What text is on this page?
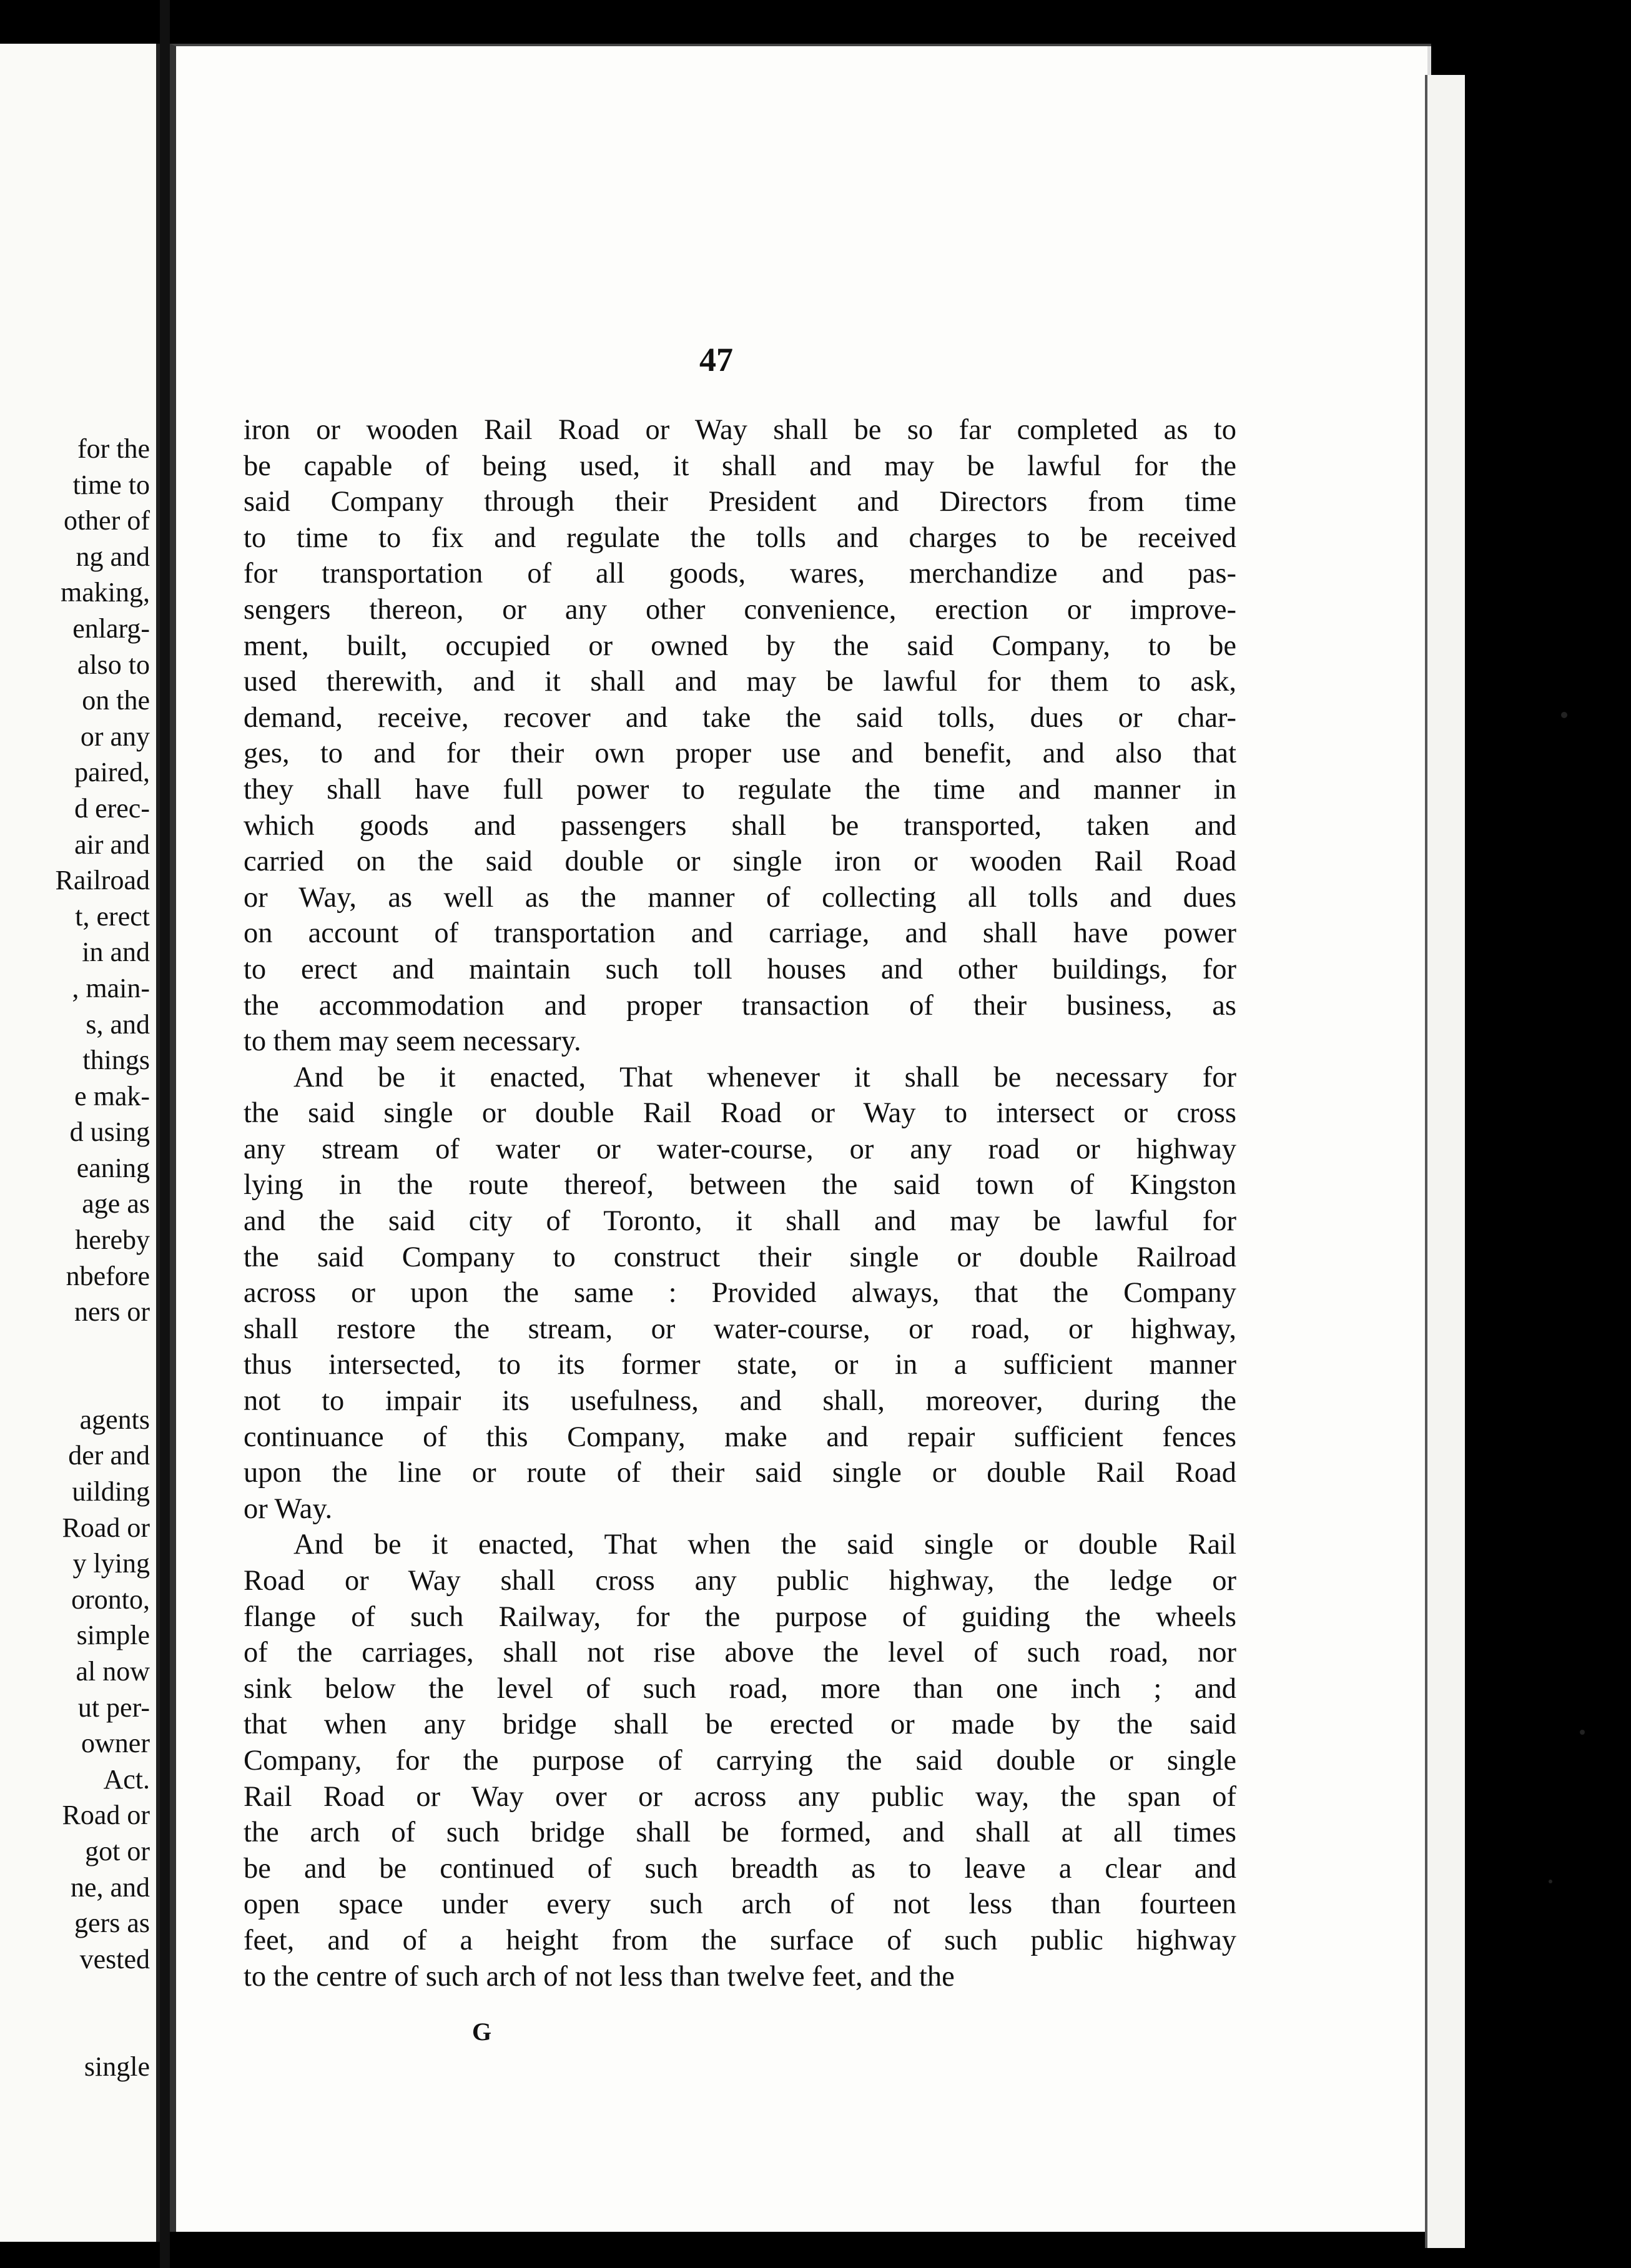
for the
time to
other of
ng and
making,
enlarg-
also to
on the
or any
paired,
d erec-
air and
Railroad
t, erect
in and
, main-
s, and
things
e mak-
d using
eaning
age as
hereby
nbefore
ners or
agents
der and
uilding
Road or
y lying
oronto,
simple
al now
ut per-
owner
Act.
Road or
got or
ne, and
gers as
vested
single
47

iron or wooden Rail Road or Way shall be so far completed as to
be capable of being used, it shall and may be lawful for the
said Company through their President and Directors from time
to time to fix and regulate the tolls and charges to be received
for transportation of all goods, wares, merchandize and pas-
sengers thereon, or any other convenience, erection or improve-
ment, built, occupied or owned by the said Company, to be
used therewith, and it shall and may be lawful for them to ask,
demand, receive, recover and take the said tolls, dues or char-
ges, to and for their own proper use and benefit, and also that
they shall have full power to regulate the time and manner in
which goods and passengers shall be transported, taken and
carried on the said double or single iron or wooden Rail Road
or Way, as well as the manner of collecting all tolls and dues
on account of transportation and carriage, and shall have power
to erect and maintain such toll houses and other buildings, for
the accommodation and proper transaction of their business, as
to them may seem necessary.

And be it enacted, That whenever it shall be necessary for
the said single or double Rail Road or Way to intersect or cross
any stream of water or water-course, or any road or highway
lying in the route thereof, between the said town of Kingston
and the said city of Toronto, it shall and may be lawful for
the said Company to construct their single or double Railroad
across or upon the same : Provided always, that the Company
shall restore the stream, or water-course, or road, or highway,
thus intersected, to its former state, or in a sufficient manner
not to impair its usefulness, and shall, moreover, during the
continuance of this Company, make and repair sufficient fences
upon the line or route of their said single or double Rail Road
or Way.

And be it enacted, That when the said single or double Rail
Road or Way shall cross any public highway, the ledge or
flange of such Railway, for the purpose of guiding the wheels
of the carriages, shall not rise above the level of such road, nor
sink below the level of such road, more than one inch ; and
that when any bridge shall be erected or made by the said
Company, for the purpose of carrying the said double or single
Rail Road or Way over or across any public way, the span of
the arch of such bridge shall be formed, and shall at all times
be and be continued of such breadth as to leave a clear and
open space under every such arch of not less than fourteen
feet, and of a height from the surface of such public highway
to the centre of such arch of not less than twelve feet, and the

G
